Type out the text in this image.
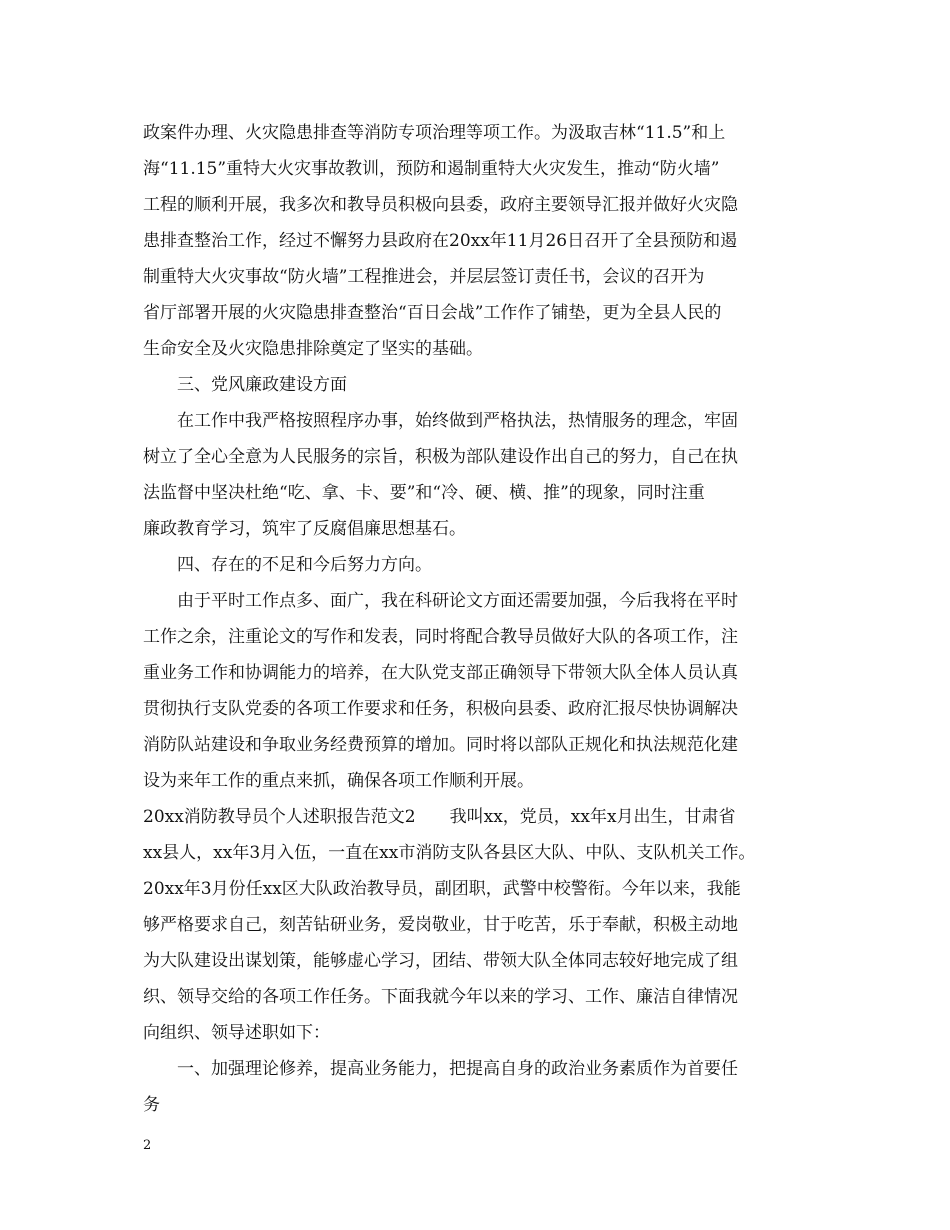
政案件办理、火灾隐患排查等消防专项治理等项工作。为汲取吉林“11.5”和上
海“11.15”重特大火灾事故教训，预防和遏制重特大火灾发生，推动“防火墙”
工程的顺利开展，我多次和教导员积极向县委，政府主要领导汇报并做好火灾隐
患排查整治工作，经过不懈努力县政府在20xx年11月26日召开了全县预防和遏
制重特大火灾事故“防火墙”工程推进会，并层层签订责任书，会议的召开为
省厅部署开展的火灾隐患排查整治“百日会战”工作作了铺垫，更为全县人民的
生命安全及火灾隐患排除奠定了坚实的基础。
三、党风廉政建设方面
在工作中我严格按照程序办事，始终做到严格执法，热情服务的理念，牢固
树立了全心全意为人民服务的宗旨，积极为部队建设作出自己的努力，自己在执
法监督中坚决杜绝“吃、拿、卡、要”和“冷、硬、横、推”的现象，同时注重
廉政教育学习，筑牢了反腐倡廉思想基石。
四、存在的不足和今后努力方向。
由于平时工作点多、面广，我在科研论文方面还需要加强，今后我将在平时
工作之余，注重论文的写作和发表，同时将配合教导员做好大队的各项工作，注
重业务工作和协调能力的培养，在大队党支部正确领导下带领大队全体人员认真
贯彻执行支队党委的各项工作要求和任务，积极向县委、政府汇报尽快协调解决
消防队站建设和争取业务经费预算的增加。同时将以部队正规化和执法规范化建
设为来年工作的重点来抓，确保各项工作顺利开展。
20xx消防教导员个人述职报告范文2　　我叫xx，党员，xx年x月出生，甘肃省
xx县人，xx年3月入伍，一直在xx市消防支队各县区大队、中队、支队机关工作。
20xx年3月份任xx区大队政治教导员，副团职，武警中校警衔。今年以来，我能
够严格要求自己，刻苦钻研业务，爱岗敬业，甘于吃苦，乐于奉献，积极主动地
为大队建设出谋划策，能够虚心学习，团结、带领大队全体同志较好地完成了组
织、领导交给的各项工作任务。下面我就今年以来的学习、工作、廉洁自律情况
向组织、领导述职如下：
一、加强理论修养，提高业务能力，把提高自身的政治业务素质作为首要任
务
2
